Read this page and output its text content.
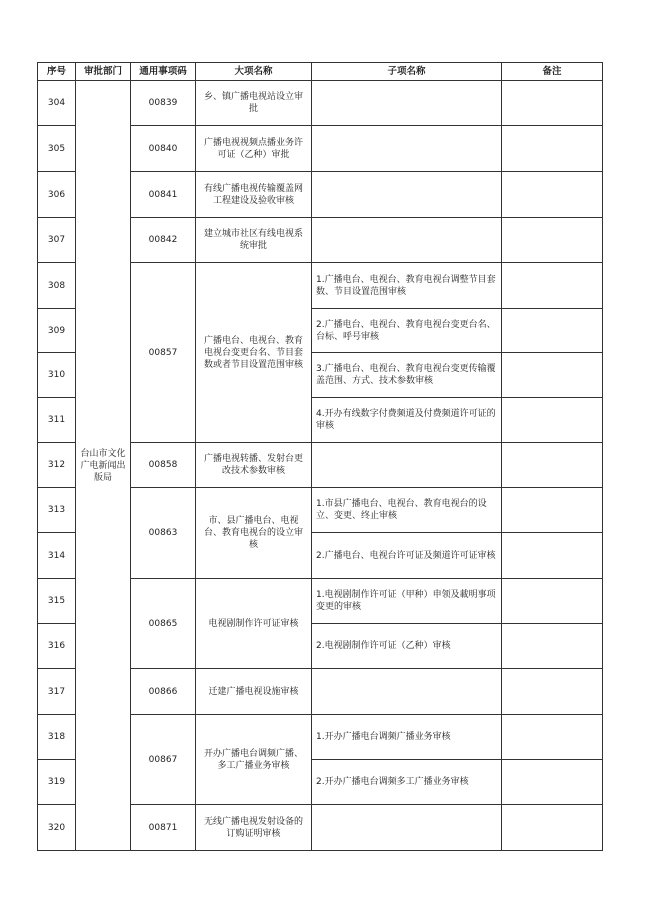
序号	审批部门	通用事项码	大项名称	子项名称	备注
304	台山市文化广电新闻出版局	00839	乡、镇广播电视站设立审批		
305		00840	广播电视视频点播业务许可证（乙种）审批		
306		00841	有线广播电视传输覆盖网工程建设及验收审核		
307		00842	建立城市社区有线电视系统审批		
308		00857	广播电台、电视台、教育电视台变更台名、节目套数或者节目设置范围审核	1.广播电台、电视台、教育电视台调整节目套数、节目设置范围审核	
309				2.广播电台、电视台、教育电视台变更台名、台标、呼号审核	
310				3.广播电台、电视台、教育电视台变更传输覆盖范围、方式、技术参数审核	
311				4.开办有线数字付费频道及付费频道许可证的审核	
312		00858	广播电视转播、发射台更改技术参数审核		
313		00863	市、县广播电台、电视台、教育电视台的设立审核	1.市县广播电台、电视台、教育电视台的设立、变更、终止审核	
314				2.广播电台、电视台许可证及频道许可证审核	
315		00865	电视剧制作许可证审核	1.电视剧制作许可证（甲种）申领及載明事项变更的审核	
316				2.电视剧制作许可证（乙种）审核	
317		00866	迁建广播电视设施审核		
318		00867	开办广播电台调频广播、多工广播业务审核	1.开办广播电台调频广播业务审核	
319				2.开办广播电台调频多工广播业务审核	
320		00871	无线广播电视发射设备的订购证明审核		
